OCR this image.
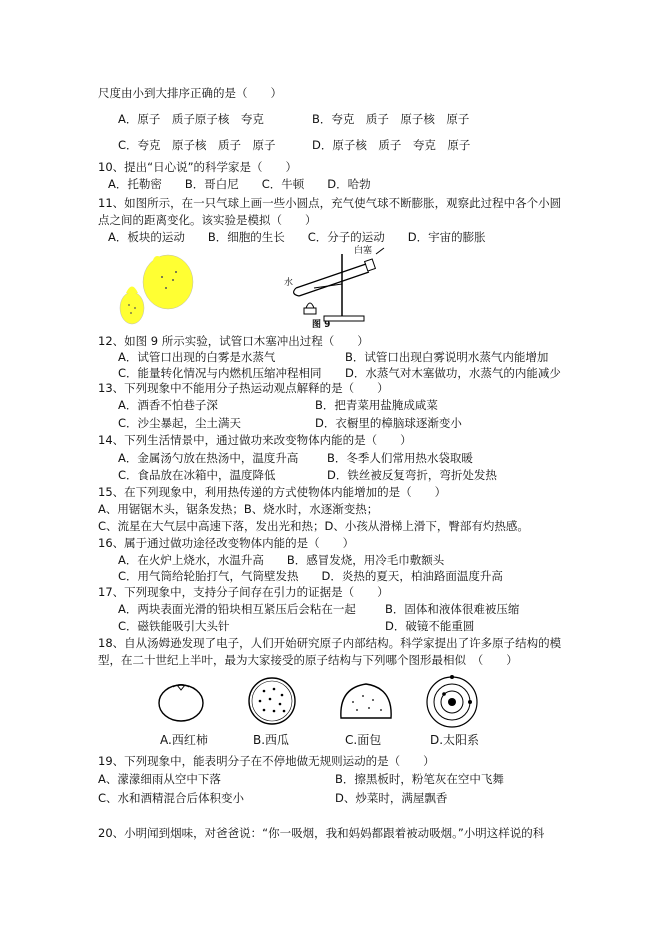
尺度由小到大排序正确的是（　　）
A．原子　质子原子核　夸克	B．夸克　质子　原子核　原子
C．夸克　原子核　质子　原子	D．原子核　质子　夸克　原子
10、提出“日心说”的科学家是（　　）
A．托勒密　　B．哥白尼　　C．牛顿　　D．哈勃
11、如图所示，在一只气球上画一些小圆点，充气使气球不断膨胀，观察此过程中各个小圆
点之间的距离变化。该实验是模拟（　　）
A．板块的运动　　B．细胞的生长　　C．分子的运动　　D．宇宙的膨胀
白塞
水
图 9
12、如图 9 所示实验，试管口木塞冲出过程（　　）
A．试管口出现的白雾是水蒸气	B．试管口出现白雾说明水蒸气内能增加
C．能量转化情况与内燃机压缩冲程相同 D．水蒸气对木塞做功，水蒸气的内能减少
13、下列现象中不能用分子热运动观点解释的是（　　）
A．酒香不怕巷子深	B．把青菜用盐腌成咸菜
C．沙尘暴起，尘土满天	D．衣橱里的樟脑球逐渐变小
14、下列生活情景中，通过做功来改变物体内能的是（　　）
A．金属汤勺放在热汤中，温度升高 B．冬季人们常用热水袋取暖
C．食品放在冰箱中，温度降低	D．铁丝被反复弯折，弯折处发热
15、在下列现象中，利用热传递的方式使物体内能增加的是（　　）
A、用锯锯木头，锯条发热；B、烧水时，水逐渐变热；
C、流星在大气层中高速下落，发出光和热；D、小孩从滑梯上滑下，臀部有灼热感。
16、属于通过做功途径改变物体内能的是（　　）
A．在火炉上烧水，水温升高　　B．感冒发烧，用冷毛巾敷额头
C．用气筒给轮胎打气，气筒壁发热　　D．炎热的夏天，柏油路面温度升高
17、下列现象中，支持分子间存在引力的证据是（　　）
A．两块表面光滑的铅块相互紧压后会粘在一起	B．固体和液体很难被压缩
C．磁铁能吸引大头针	D．破镜不能重圆
18、自从汤姆逊发现了电子，人们开始研究原子内部结构。科学家提出了许多原子结构的模
型，在二十世纪上半叶，最为大家接受的原子结构与下列哪个图形最相似　（　　）
A.西红柿	B.西瓜	C.面包	D.太阳系
19、下列现象中，能表明分子在不停地做无规则运动的是（　　）
A、濛濛细雨从空中下落	B．擦黑板时，粉笔灰在空中飞舞
C、水和酒精混合后体积变小	D、炒菜时，满屋飘香
20、小明闻到烟味，对爸爸说：“你一吸烟，我和妈妈都跟着被动吸烟。”小明这样说的科
